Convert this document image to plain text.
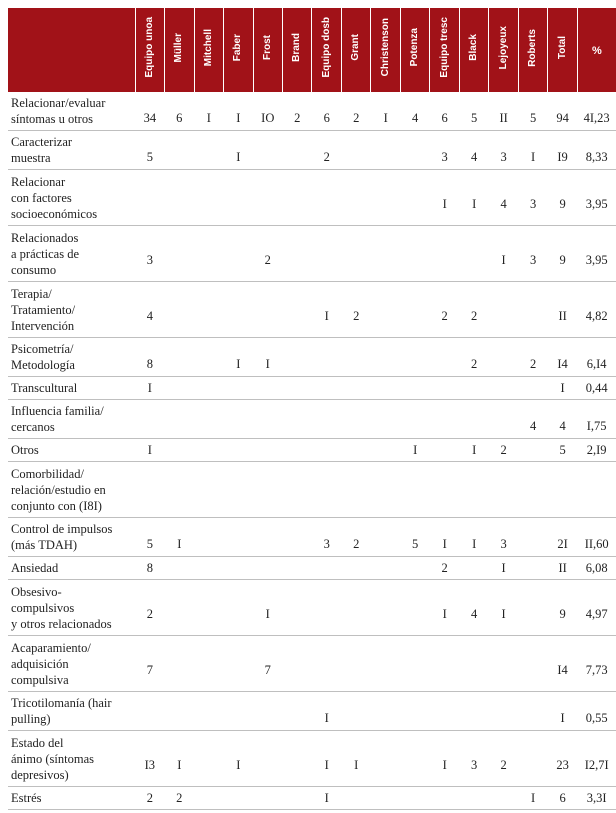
	Equipo unoa	Müller	Mitchell	Faber	Frost	Brand	Equipo dosb	Grant	Christenson	Potenza	Equipo tresc	Black	Lejoyeux	Roberts	Total	%

Relacionar/evaluar
síntomas u otros	34	6	I	I	IO	2	6	2	I	4	6	5	II	5	94	4I,23

Caracterizar
muestra	5			I			2				3	4	3	I	I9	8,33

Relacionar
con factores
socioeconómicos											I	I	4	3	9	3,95

Relacionados
a prácticas de
consumo	3				2								I	3	9	3,95

Terapia/
Tratamiento/
Intervención	4						I	2			2	2			II	4,82

Psicometría/
Metodología	8			I	I							2		2	I4	6,I4

Transcultural	I														I	0,44

Influencia familia/
cercanos														4	4	I,75

Otros	I									I		I	2		5	2,I9

Comorbilidad/
relación/estudio en
conjunto con (I8I)																

Control de impulsos
(más TDAH)	5	I					3	2		5	I	I	3		2I	II,60

Ansiedad	8										2		I		II	6,08

Obsesivo-
compulsivos
y otros relacionados	2				I						I	4	I		9	4,97

Acaparamiento/
adquisición
compulsiva	7				7										I4	7,73

Tricotilomanía (hair
pulling)							I								I	0,55

Estado del
ánimo (síntomas
depresivos)	I3	I		I			I	I			I	3	2		23	I2,7I

Estrés	2	2					I							I	6	3,3I
